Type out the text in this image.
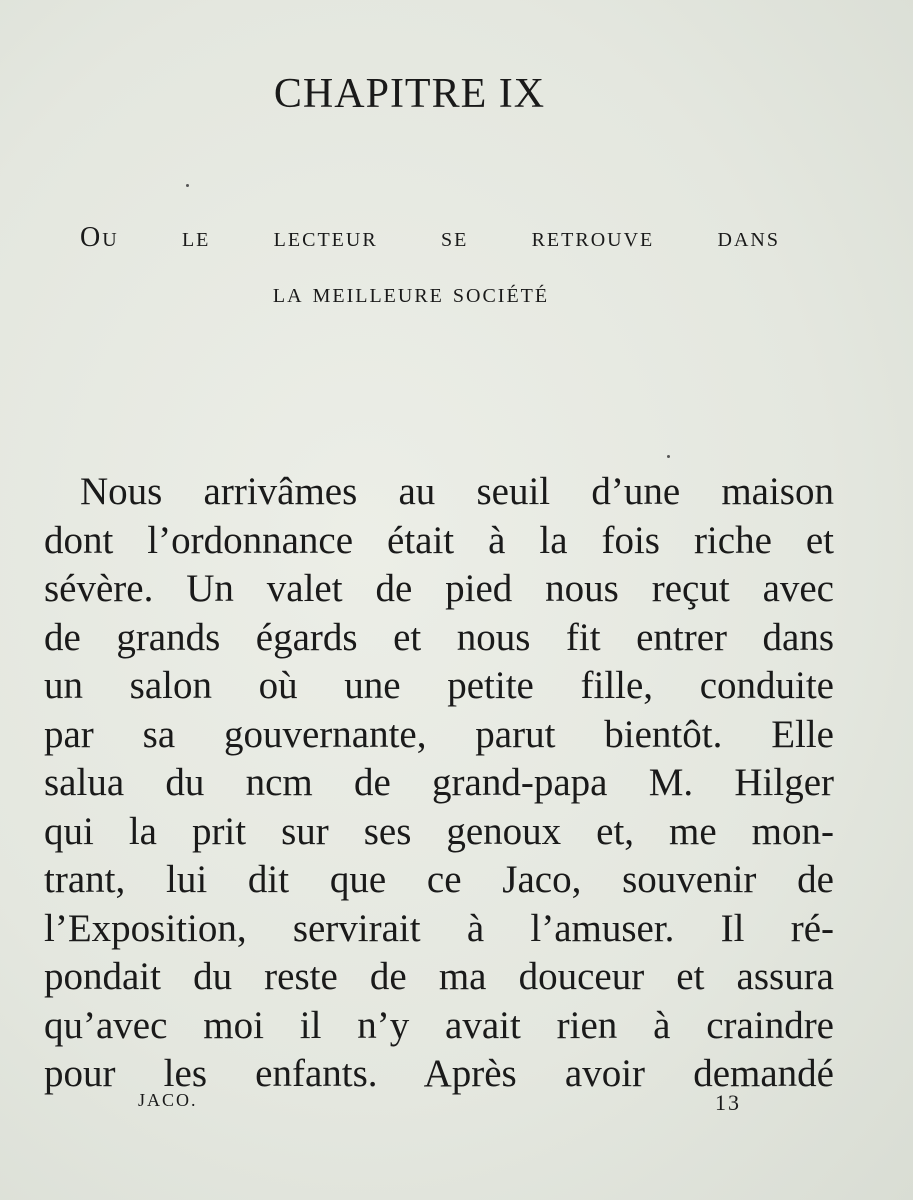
CHAPITRE IX
Ou le lecteur se retrouve dans
la meilleure société
Nous arrivâmes au seuil d’une maison
dont l’ordonnance était à la fois riche et
sévère. Un valet de pied nous reçut avec
de grands égards et nous fit entrer dans
un salon où une petite fille, conduite
par sa gouvernante, parut bientôt. Elle
salua du ncm de grand-papa M. Hilger
qui la prit sur ses genoux et, me mon-
trant, lui dit que ce Jaco, souvenir de
l’Exposition, servirait à l’amuser. Il ré-
pondait du reste de ma douceur et assura
qu’avec moi il n’y avait rien à craindre
pour les enfants. Après avoir demandé
JACO.	13
